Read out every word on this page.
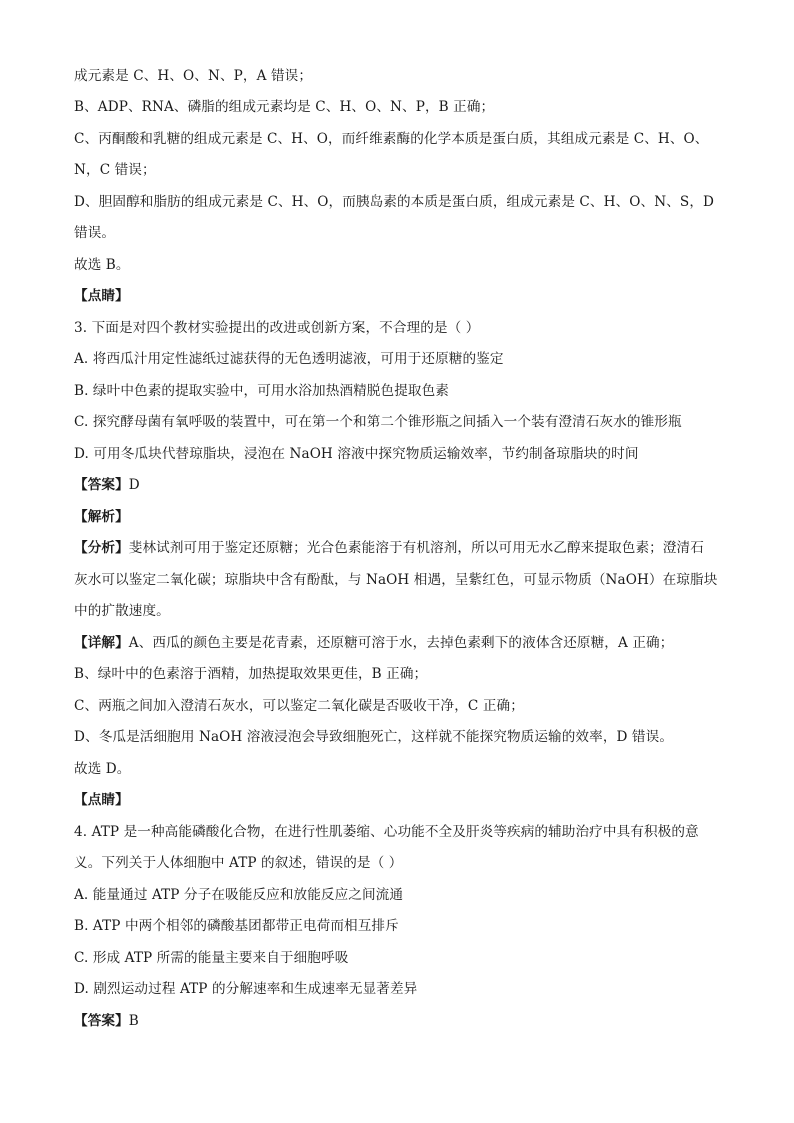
成元素是 C、H、O、N、P，A 错误；
B、ADP、RNA、磷脂的组成元素均是 C、H、O、N、P，B 正确；
C、丙酮酸和乳糖的组成元素是 C、H、O，而纤维素酶的化学本质是蛋白质，其组成元素是 C、H、O、
N，C 错误；
D、胆固醇和脂肪的组成元素是 C、H、O，而胰岛素的本质是蛋白质，组成元素是 C、H、O、N、S，D
错误。
故选 B。
【点睛】
3. 下面是对四个教材实验提出的改进或创新方案，不合理的是（ ）
A. 将西瓜汁用定性滤纸过滤获得的无色透明滤液，可用于还原糖的鉴定
B. 绿叶中色素的提取实验中，可用水浴加热酒精脱色提取色素
C. 探究酵母菌有氧呼吸的装置中，可在第一个和第二个锥形瓶之间插入一个装有澄清石灰水的锥形瓶
D. 可用冬瓜块代替琼脂块，浸泡在 NaOH 溶液中探究物质运输效率，节约制备琼脂块的时间
【答案】D
【解析】
【分析】斐林试剂可用于鉴定还原糖；光合色素能溶于有机溶剂，所以可用无水乙醇来提取色素；澄清石
灰水可以鉴定二氧化碳；琼脂块中含有酚酞，与 NaOH 相遇，呈紫红色，可显示物质（NaOH）在琼脂块
中的扩散速度。
【详解】A、西瓜的颜色主要是花青素，还原糖可溶于水，去掉色素剩下的液体含还原糖，A 正确；
B、绿叶中的色素溶于酒精，加热提取效果更佳，B 正确；
C、两瓶之间加入澄清石灰水，可以鉴定二氧化碳是否吸收干净，C 正确；
D、冬瓜是活细胞用 NaOH 溶液浸泡会导致细胞死亡，这样就不能探究物质运输的效率，D 错误。
故选 D。
【点睛】
4. ATP 是一种高能磷酸化合物，在进行性肌萎缩、心功能不全及肝炎等疾病的辅助治疗中具有积极的意
义。下列关于人体细胞中 ATP 的叙述，错误的是（ ）
A. 能量通过 ATP 分子在吸能反应和放能反应之间流通
B. ATP 中两个相邻的磷酸基团都带正电荷而相互排斥
C. 形成 ATP 所需的能量主要来自于细胞呼吸
D. 剧烈运动过程 ATP 的分解速率和生成速率无显著差异
【答案】B
